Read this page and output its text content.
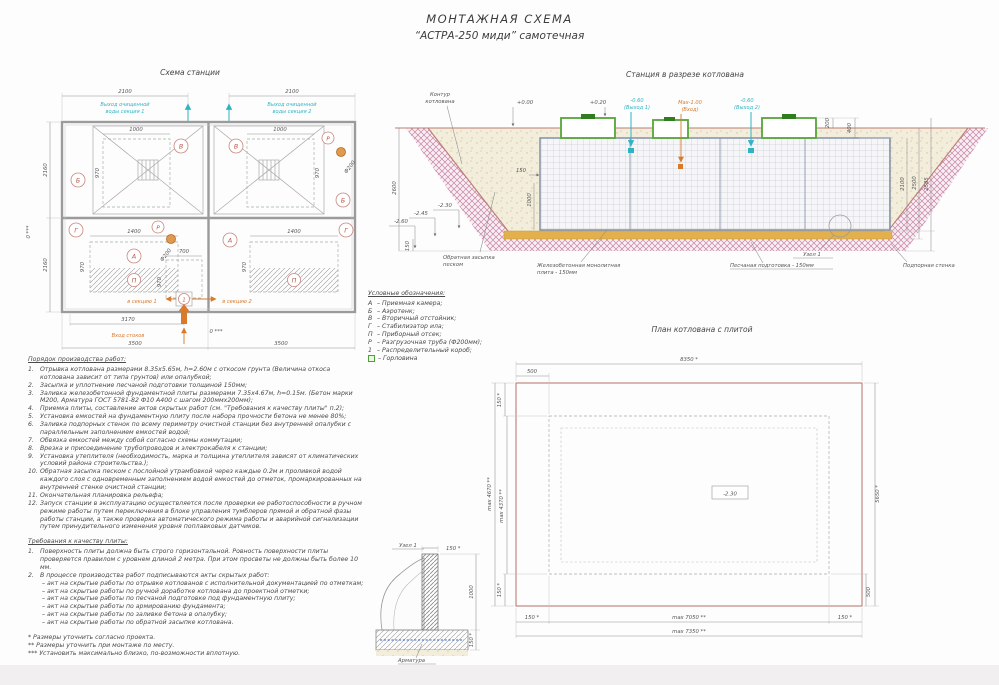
МОНТАЖНАЯ СХЕМА
“АСТРА-250 миди” самотечная
Схема станции
2100	2100
Выход очищенной
воды секция 1
Выход очищенной
воды секция 2
2160
2160
0 ***
1000
970
В
Б
1000
970
В
Б
Р
Ф200
Г	1400
А
П
970
Р
Ф200 700
970
1
в секцию 1	в секцию 2
А
1400
П
970
Г
3170
Вход стоков
0 ***
3500	3500
Станция в разрезе котлована
Контур
котлована	+0.00	+0.20	-0.60
(Выход 1)
Max-1.00
(Вход)
-0.60
(Выход 2)
200	400
2100 2500 2585
2600
150
-2.30
-2.45
-2.60
150
1000
Узел 1
Обратная засыпка
песком	Железобетонная монолитная
плита - 150мм
Песчаная подготовка - 150мм	Подпорная стенка
Условные обозначения:
А – Приемная камера;
Б – Аэротенк;
В – Вторичный отстойник;
Г – Стабилизатор ила;
П – Приборный отсек;
Р – Разгрузочная труба (Ф200мм);
1 – Распределительный короб;
– Горловина
План котлована с плитой
-2.30
8350 *
500
150 *
max 4670 ** max 4370 **
150 *
5650 *
500
150 *	max 7050 **	150 *
max 7350 **
Узел 1	150 *
1000
150 *
Арматура
Порядок производства работ:
1. Отрывка котлована размерами 8.35х5.65м, h=2.60м с откосом грунта (Величина откоса котлована зависит от типа грунтов) или опалубкой;
2. Засыпка и уплотнение песчаной подготовки толщиной 150мм;
3. Заливка железобетонной фундаментной плиты размерами 7.35х4.67м, h=0.15м. (Бетон марки М200, Арматура ГОСТ 5781-82 Ф10 А400 с шагом 200ммх200мм);
4. Приемка плиты, составление актов скрытых работ (см. "Требования к качеству плиты" п.2);
5. Установка емкостей на фундаментную плиту после набора прочности бетона не менее 80%;
6. Заливка подпорных стенок по всему периметру очистной станции без внутренней опалубки с параллельным заполнением емкостей водой;
7. Обвязка емкостей между собой согласно схемы коммутации;
8. Врезка и присоединение трубопроводов и электрокабеля к станции;
9. Установка утеплителя (необходимость, марка и толщина утеплителя зависят от климатических условий района строительства.);
10. Обратная засыпка песком с послойной утрамбовкой через каждые 0.2м и проливкой водой каждого слоя с одновременным заполнением водой емкостей до отметок, промаркированных на внутренней стенке очистной станции;
11. Окончательная планировка рельефа;
12. Запуск станции в эксплуатацию осуществляется после проверки ее работоспособности в ручном режиме работы путем переключения в блоке управления тумблеров прямой и обратной фазы работы станции, а также проверка автоматического режима работы и аварийной сигнализации путем принудительного изменения уровня поплавковых датчиков.
Требования к качеству плиты:
1. Поверхность плиты должна быть строго горизонтальной. Ровность поверхности плиты проверяется правилом с уровнем длиной 2 метра. При этом просветы не должны быть более 10 мм.
2. В процессе производства работ подписываются акты скрытых работ:
– акт на скрытые работы по отрывке котлованов с исполнительной документацией по отметкам;
– акт на скрытые работы по ручной доработке котлована до проектной отметки;
– акт на скрытые работы по песчаной подготовке под фундаментную плиту;
– акт на скрытые работы по армированию фундамента;
– акт на скрытые работы по заливке бетона в опалубку;
– акт на скрытые работы по обратной засыпке котлована.
* Размеры уточнить согласно проекта.
** Размеры уточнить при монтаже по месту.
*** Установить максимально близко, по-возможности вплотную.
